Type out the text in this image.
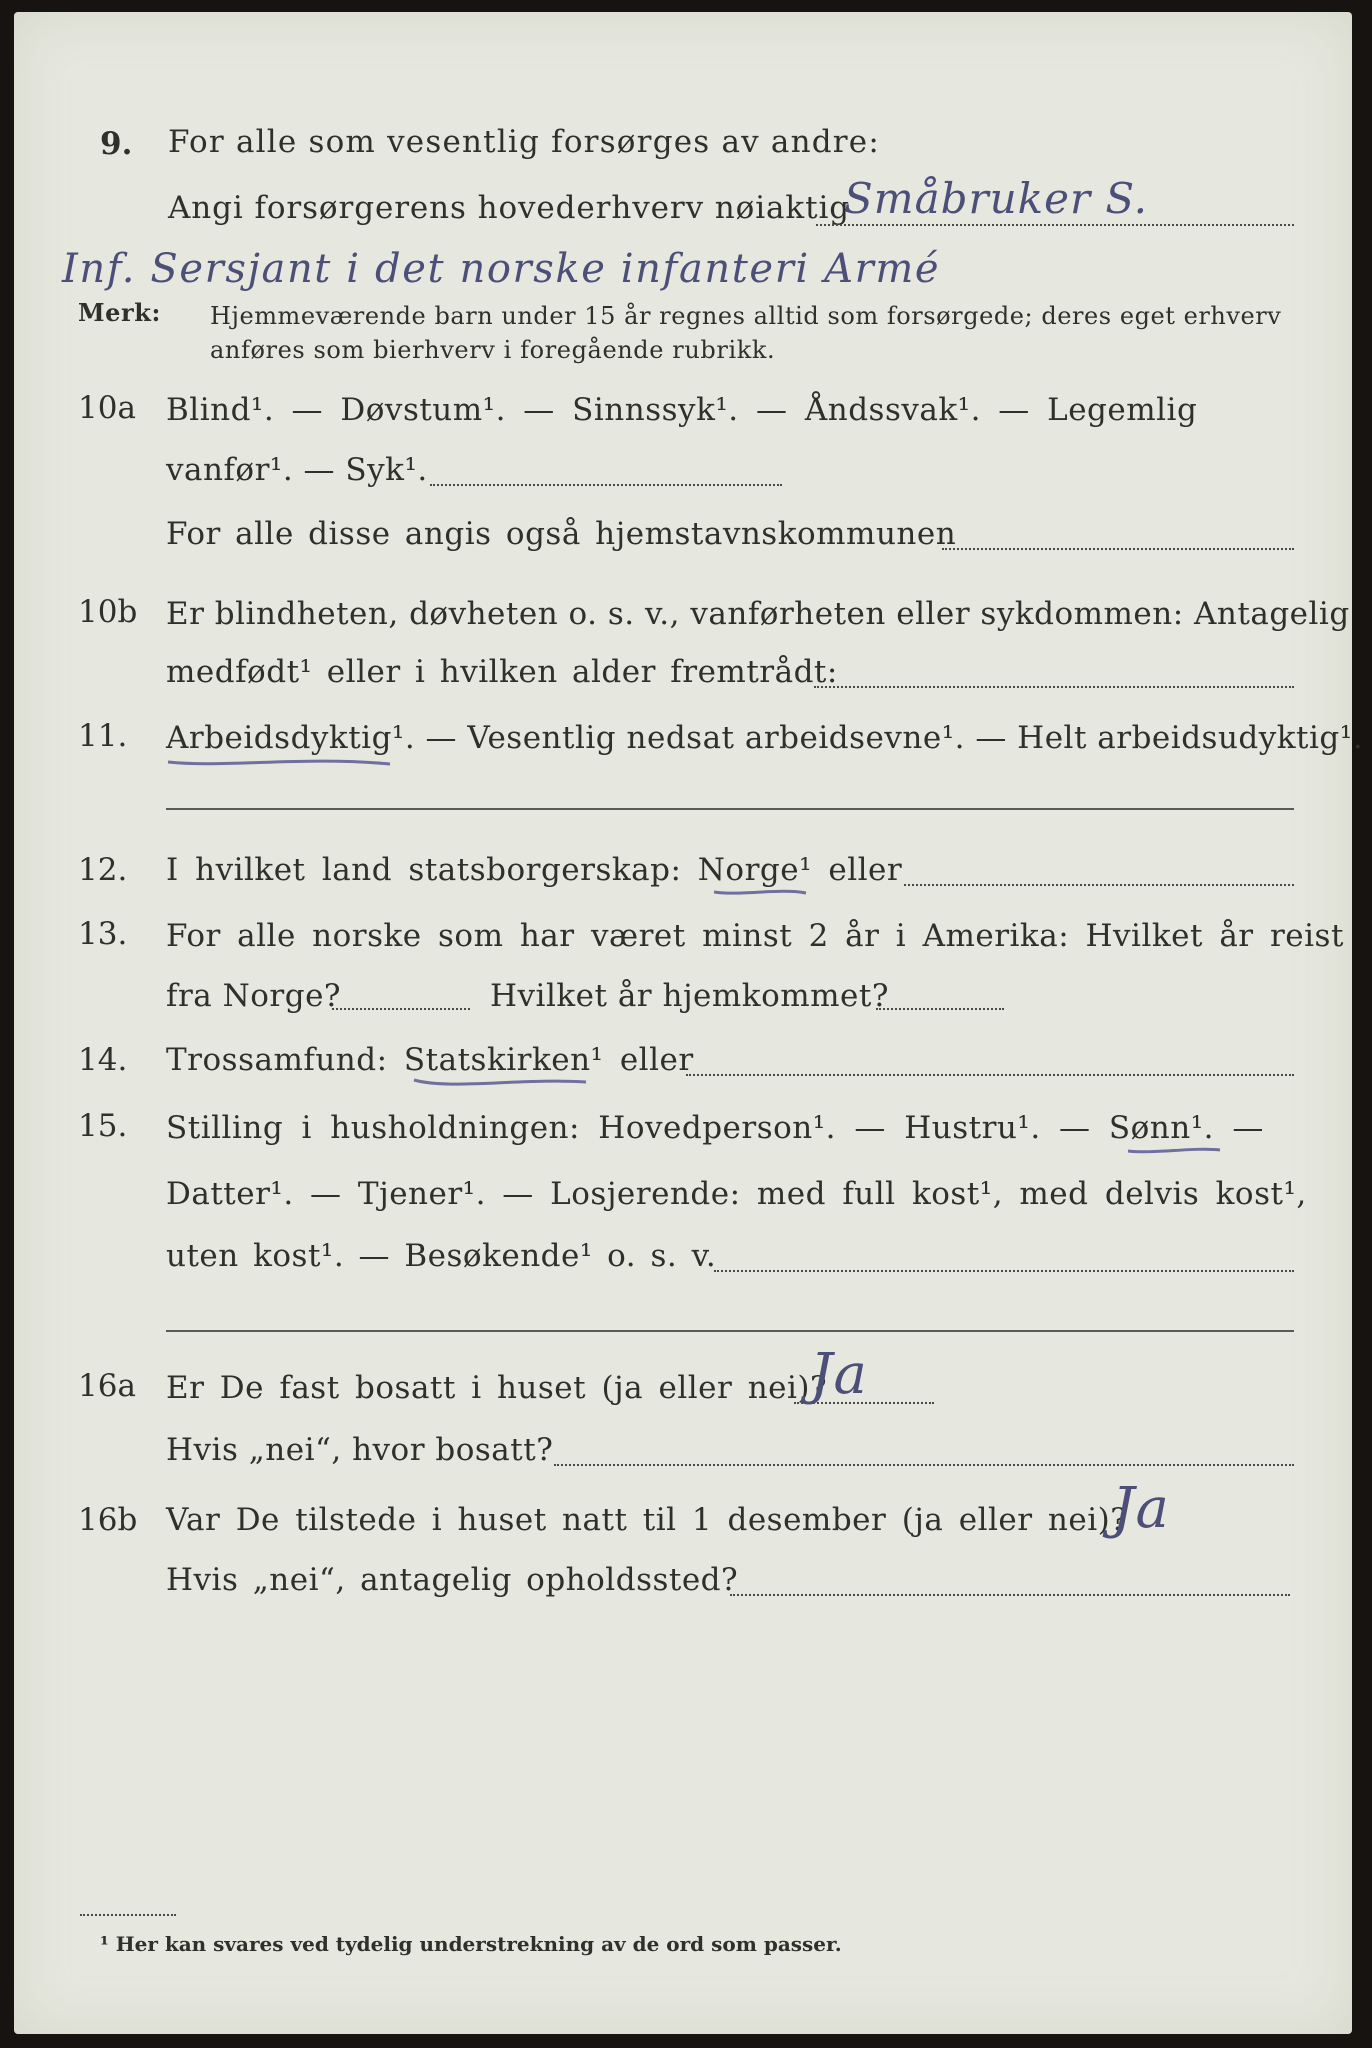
9. For alle som vesentlig forsørges av andre:
Angi forsørgerens hovederhverv nøiaktig
Småbruker S.
Inf. Sersjant i det norske infanteri Armé
Merk: Hjemmeværende barn under 15 år regnes alltid som forsørgede; deres eget erhverv
anføres som bierhverv i foregående rubrikk.
10a Blind¹. — Døvstum¹. — Sinnssyk¹. — Åndssvak¹. — Legemlig
vanfør¹. — Syk¹.
For alle disse angis også hjemstavnskommunen
10b Er blindheten, døvheten o. s. v., vanførheten eller sykdommen: Antagelig
medfødt¹ eller i hvilken alder fremtrådt:
11. Arbeidsdyktig¹. — Vesentlig nedsat arbeidsevne¹. — Helt arbeidsudyktig¹.
12. I hvilket land statsborgerskap: Norge¹ eller
13. For alle norske som har været minst 2 år i Amerika: Hvilket år reist
fra Norge?	Hvilket år hjemkommet?
14. Trossamfund: Statskirken¹ eller
15. Stilling i husholdningen: Hovedperson¹. — Hustru¹. — Sønn¹. —
Datter¹. — Tjener¹. — Losjerende: med full kost¹, med delvis kost¹,
uten kost¹. — Besøkende¹ o. s. v.
16a Er De fast bosatt i huset (ja eller nei)?
Ja
Hvis „nei“, hvor bosatt?
16b Var De tilstede i huset natt til 1 desember (ja eller nei)?
Ja
Hvis „nei“, antagelig opholdssted?
¹ Her kan svares ved tydelig understrekning av de ord som passer.
